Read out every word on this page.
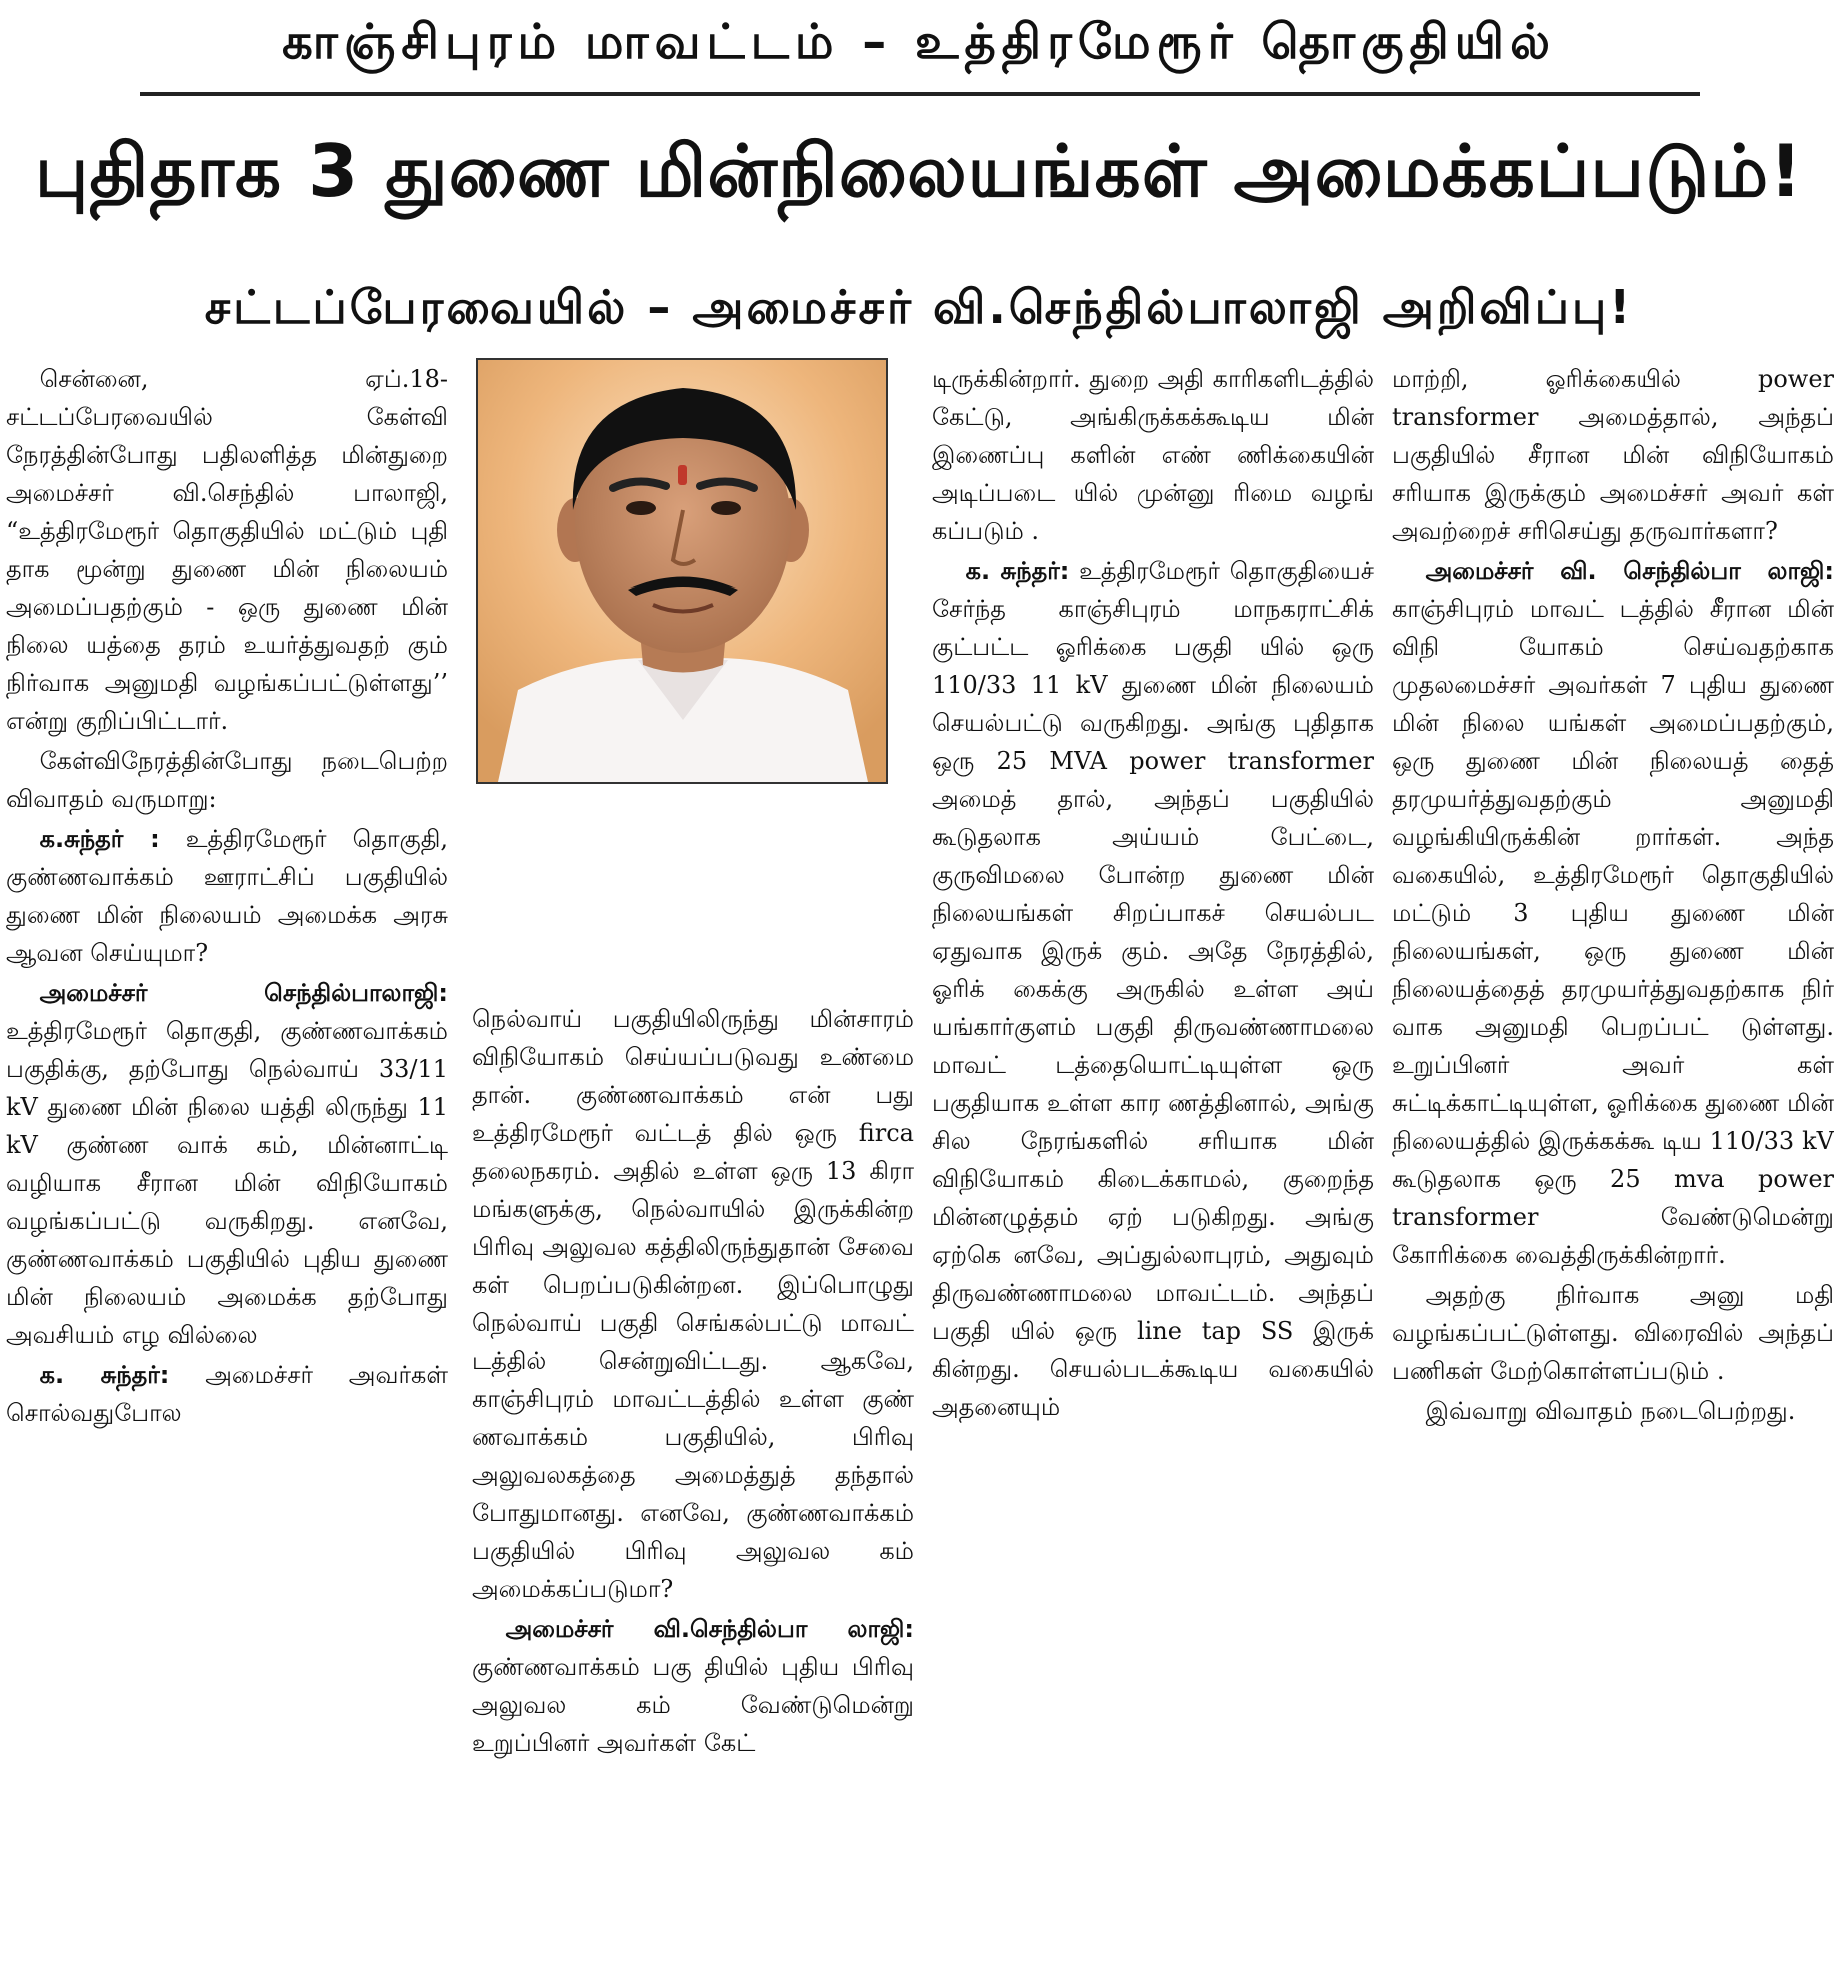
காஞ்சிபுரம் மாவட்டம் – உத்திரமேரூர் தொகுதியில்
புதிதாக 3 துணை மின்நிலையங்கள் அமைக்கப்படும்!
சட்டப்பேரவையில் – அமைச்சர் வி.செந்தில்பாலாஜி அறிவிப்பு!

சென்னை, ஏப்.18- சட்டப்பேரவையில் கேள்வி நேரத்தின்போது பதிலளித்த மின்துறை அமைச்சர் வி.செந்தில் பாலாஜி, “உத்திரமேரூர் தொகுதியில் மட்டும் புதி தாக மூன்று துணை மின் நிலையம் அமைப்பதற்கும் - ஒரு துணை மின் நிலை யத்தை தரம் உயர்த்துவதற் கும் நிர்வாக அனுமதி வழங்கப்பட்டுள்ளது’’ என்று குறிப்பிட்டார்.

கேள்விநேரத்தின்போது நடைபெற்ற விவாதம் வருமாறு:

க.சுந்தர் : உத்திரமேரூர் தொகுதி, குண்ணவாக்கம் ஊராட்சிப் பகுதியில் துணை மின் நிலையம் அமைக்க அரசு ஆவன செய்யுமா?

அமைச்சர் செந்தில்பாலாஜி: உத்திரமேரூர் தொகுதி, குண்ணவாக்கம் பகுதிக்கு, தற்போது நெல்வாய் 33/11 kV துணை மின் நிலை யத்தி லிருந்து 11 kV குண்ண வாக் கம், மின்னாட்டி வழியாக சீரான மின் விநியோகம் வழங்கப்பட்டு வருகிறது. எனவே, குண்ணவாக்கம் பகுதியில் புதிய துணை மின் நிலையம் அமைக்க தற்போது அவசியம் எழ வில்லை

க. சுந்தர்: அமைச்சர் அவர்கள் சொல்வதுபோல

நெல்வாய் பகுதியிலிருந்து மின்சாரம் விநியோகம் செய்யப்படுவது உண்மை தான். குண்ணவாக்கம் என் பது உத்திரமேரூர் வட்டத் தில் ஒரு firca தலைநகரம். அதில் உள்ள ஒரு 13 கிரா மங்களுக்கு, நெல்வாயில் இருக்கின்ற பிரிவு அலுவல கத்திலிருந்துதான் சேவை கள் பெறப்படுகின்றன. இப்பொழுது நெல்வாய் பகுதி செங்கல்பட்டு மாவட் டத்தில் சென்றுவிட்டது. ஆகவே, காஞ்சிபுரம் மாவட்டத்தில் உள்ள குண் ணவாக்கம் பகுதியில், பிரிவு அலுவலகத்தை அமைத்துத் தந்தால் போதுமானது. எனவே, குண்ணவாக்கம் பகுதியில் பிரிவு அலுவல கம் அமைக்கப்படுமா?

அமைச்சர் வி.செந்தில்பா லாஜி: குண்ணவாக்கம் பகு தியில் புதிய பிரிவு அலுவல கம் வேண்டுமென்று உறுப்பினர் அவர்கள் கேட்

டிருக்கின்றார். துறை அதி காரிகளிடத்தில் கேட்டு, அங்கிருக்கக்கூடிய மின் இணைப்பு களின் எண் ணிக்கையின் அடிப்படை யில் முன்னு ரிமை வழங் கப்படும் .

க. சுந்தர்: உத்திரமேரூர் தொகுதியைச் சேர்ந்த காஞ்சிபுரம் மாநகராட்சிக் குட்பட்ட ஓரிக்கை பகுதி யில் ஒரு 110/33 11 kV துணை மின் நிலையம் செயல்பட்டு வருகிறது. அங்கு புதிதாக ஒரு 25 MVA power transformer அமைத் தால், அந்தப் பகுதியில் கூடுதலாக அய்யம் பேட்டை, குருவிமலை போன்ற துணை மின் நிலையங்கள் சிறப்பாகச் செயல்பட ஏதுவாக இருக் கும். அதே நேரத்தில், ஓரிக் கைக்கு அருகில் உள்ள அய் யங்கார்குளம் பகுதி திருவண்ணாமலை மாவட் டத்தையொட்டியுள்ள ஒரு பகுதியாக உள்ள கார ணத்தினால், அங்கு சில நேரங்களில் சரியாக மின் விநியோகம் கிடைக்காமல், குறைந்த மின்னழுத்தம் ஏற் படுகிறது. அங்கு ஏற்கெ னவே, அப்துல்லாபுரம், அதுவும் திருவண்ணாமலை மாவட்டம். அந்தப் பகுதி யில் ஒரு line tap SS இருக் கின்றது. செயல்படக்கூடிய வகையில் அதனையும்

மாற்றி, ஓரிக்கையில் power transformer அமைத்தால், அந்தப் பகுதியில் சீரான மின் விநியோகம் சரியாக இருக்கும் அமைச்சர் அவர் கள் அவற்றைச் சரிசெய்து தருவார்களா?

அமைச்சர் வி. செந்தில்பா லாஜி: காஞ்சிபுரம் மாவட் டத்தில் சீரான மின் விநி யோகம் செய்வதற்காக முதலமைச்சர் அவர்கள் 7 புதிய துணை மின் நிலை யங்கள் அமைப்பதற்கும், ஒரு துணை மின் நிலையத் தைத் தரமுயர்த்துவதற்கும் அனுமதி வழங்கியிருக்கின் றார்கள். அந்த வகையில், உத்திரமேரூர் தொகுதியில் மட்டும் 3 புதிய துணை மின் நிலையங்கள், ஒரு துணை மின் நிலையத்தைத் தரமுயர்த்துவதற்காக நிர் வாக அனுமதி பெறப்பட் டுள்ளது. உறுப்பினர் அவர் கள் சுட்டிக்காட்டியுள்ள, ஓரிக்கை துணை மின் நிலையத்தில் இருக்கக்கூ டிய 110/33 kV கூடுதலாக ஒரு 25 mva power transformer வேண்டுமென்று கோரிக்கை வைத்திருக்கின்றார்.

அதற்கு நிர்வாக அனு மதி வழங்கப்பட்டுள்ளது. விரைவில் அந்தப் பணிகள் மேற்கொள்ளப்படும் .

இவ்வாறு விவாதம் நடைபெற்றது.
